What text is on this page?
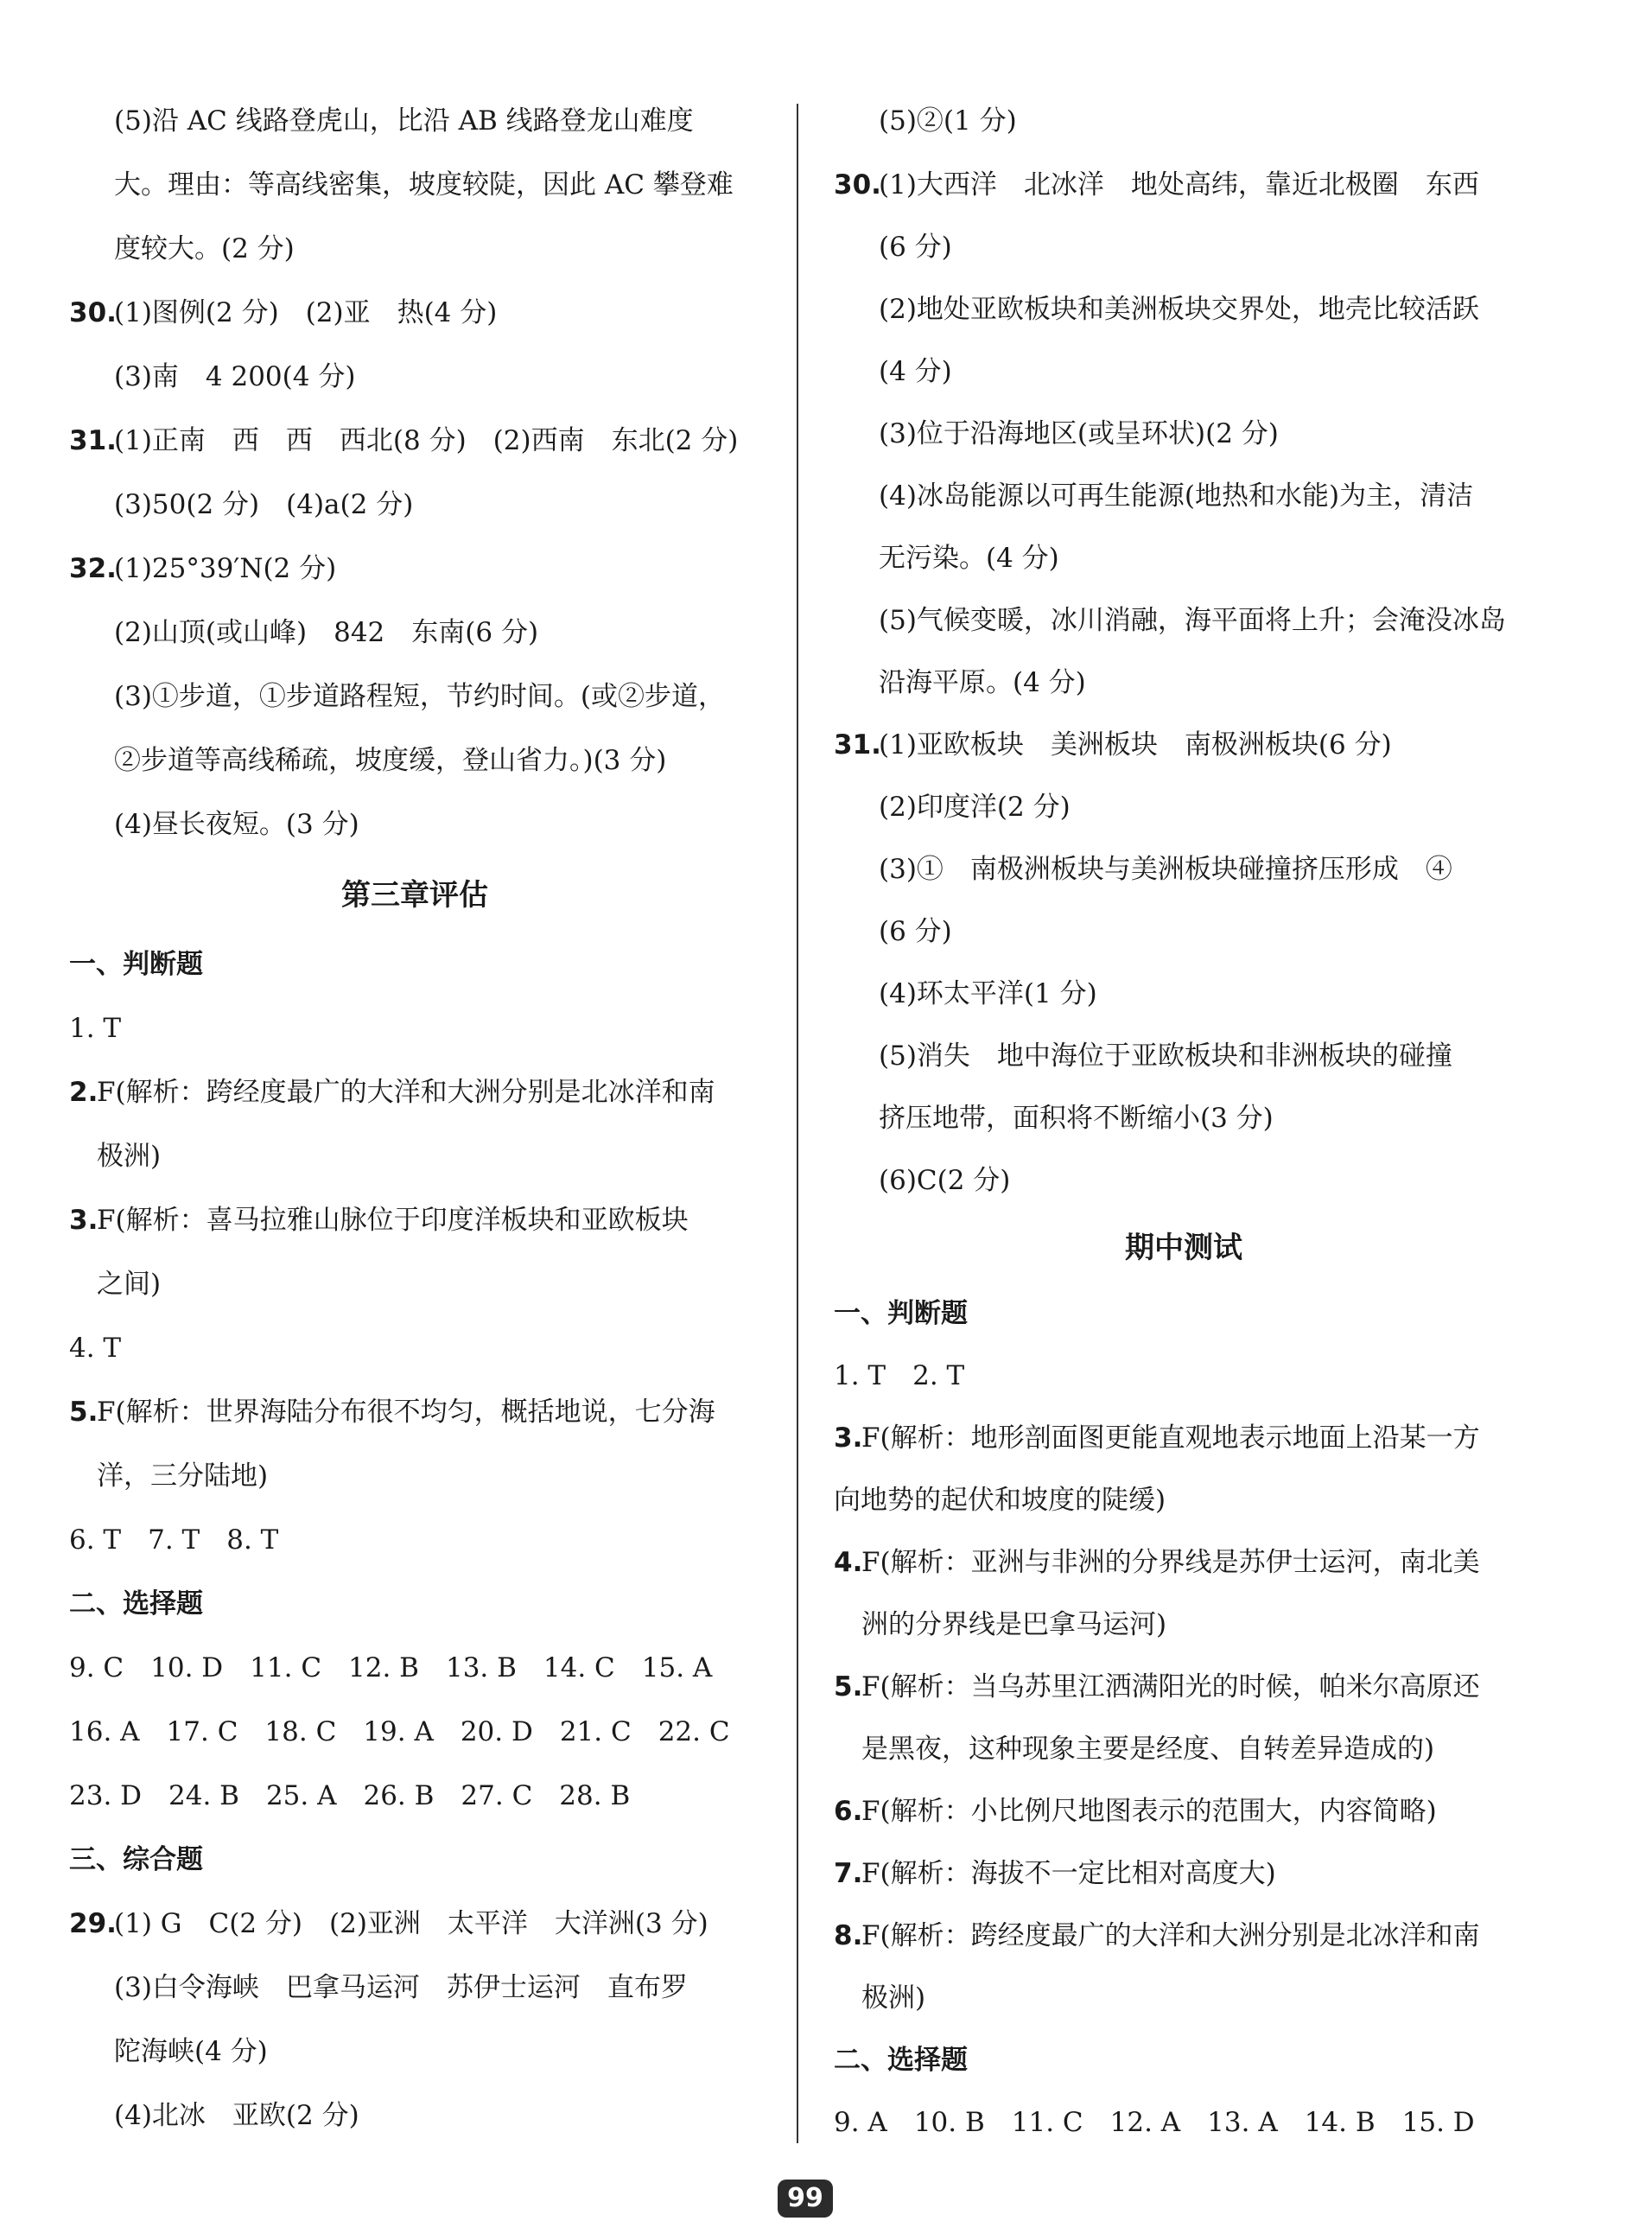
(5)沿 AC 线路登虎山，比沿 AB 线路登龙山难度
大。理由：等高线密集，坡度较陡，因此 AC 攀登难
度较大。(2 分)
30.
(1)图例(2 分)　(2)亚　热(4 分)
(3)南　4 200(4 分)
31.
(1)正南　西　西　西北(8 分)　(2)西南　东北(2 分)
(3)50(2 分)　(4)a(2 分)
32.
(1)25°39′N(2 分)
(2)山顶(或山峰)　842　东南(6 分)
(3)①步道，①步道路程短，节约时间。(或②步道，
②步道等高线稀疏，坡度缓，登山省力。)(3 分)
(4)昼长夜短。(3 分)
第三章评估
一、判断题
1. T
2.
F(解析：跨经度最广的大洋和大洲分别是北冰洋和南
极洲)
3.
F(解析：喜马拉雅山脉位于印度洋板块和亚欧板块
之间)
4. T
5.
F(解析：世界海陆分布很不均匀，概括地说，七分海
洋，三分陆地)
6. T　7. T　8. T
二、选择题
9. C　10. D　11. C　12. B　13. B　14. C　15. A
16. A　17. C　18. C　19. A　20. D　21. C　22. C
23. D　24. B　25. A　26. B　27. C　28. B
三、综合题
29.
(1) G　C(2 分)　(2)亚洲　太平洋　大洋洲(3 分)
(3)白令海峡　巴拿马运河　苏伊士运河　直布罗
陀海峡(4 分)
(4)北冰　亚欧(2 分)
(5)②(1 分)
30.
(1)大西洋　北冰洋　地处高纬，靠近北极圈　东西
(6 分)
(2)地处亚欧板块和美洲板块交界处，地壳比较活跃
(4 分)
(3)位于沿海地区(或呈环状)(2 分)
(4)冰岛能源以可再生能源(地热和水能)为主，清洁
无污染。(4 分)
(5)气候变暖，冰川消融，海平面将上升；会淹没冰岛
沿海平原。(4 分)
31.
(1)亚欧板块　美洲板块　南极洲板块(6 分)
(2)印度洋(2 分)
(3)①　南极洲板块与美洲板块碰撞挤压形成　④
(6 分)
(4)环太平洋(1 分)
(5)消失　地中海位于亚欧板块和非洲板块的碰撞
挤压地带，面积将不断缩小(3 分)
(6)C(2 分)
期中测试
一、判断题
1. T　2. T
3.
F(解析：地形剖面图更能直观地表示地面上沿某一方
向地势的起伏和坡度的陡缓)
4.
F(解析：亚洲与非洲的分界线是苏伊士运河，南北美
洲的分界线是巴拿马运河)
5.
F(解析：当乌苏里江洒满阳光的时候，帕米尔高原还
是黑夜，这种现象主要是经度、自转差异造成的)
6.
F(解析：小比例尺地图表示的范围大，内容简略)
7.
F(解析：海拔不一定比相对高度大)
8.
F(解析：跨经度最广的大洋和大洲分别是北冰洋和南
极洲)
二、选择题
9. A　10. B　11. C　12. A　13. A　14. B　15. D
99
